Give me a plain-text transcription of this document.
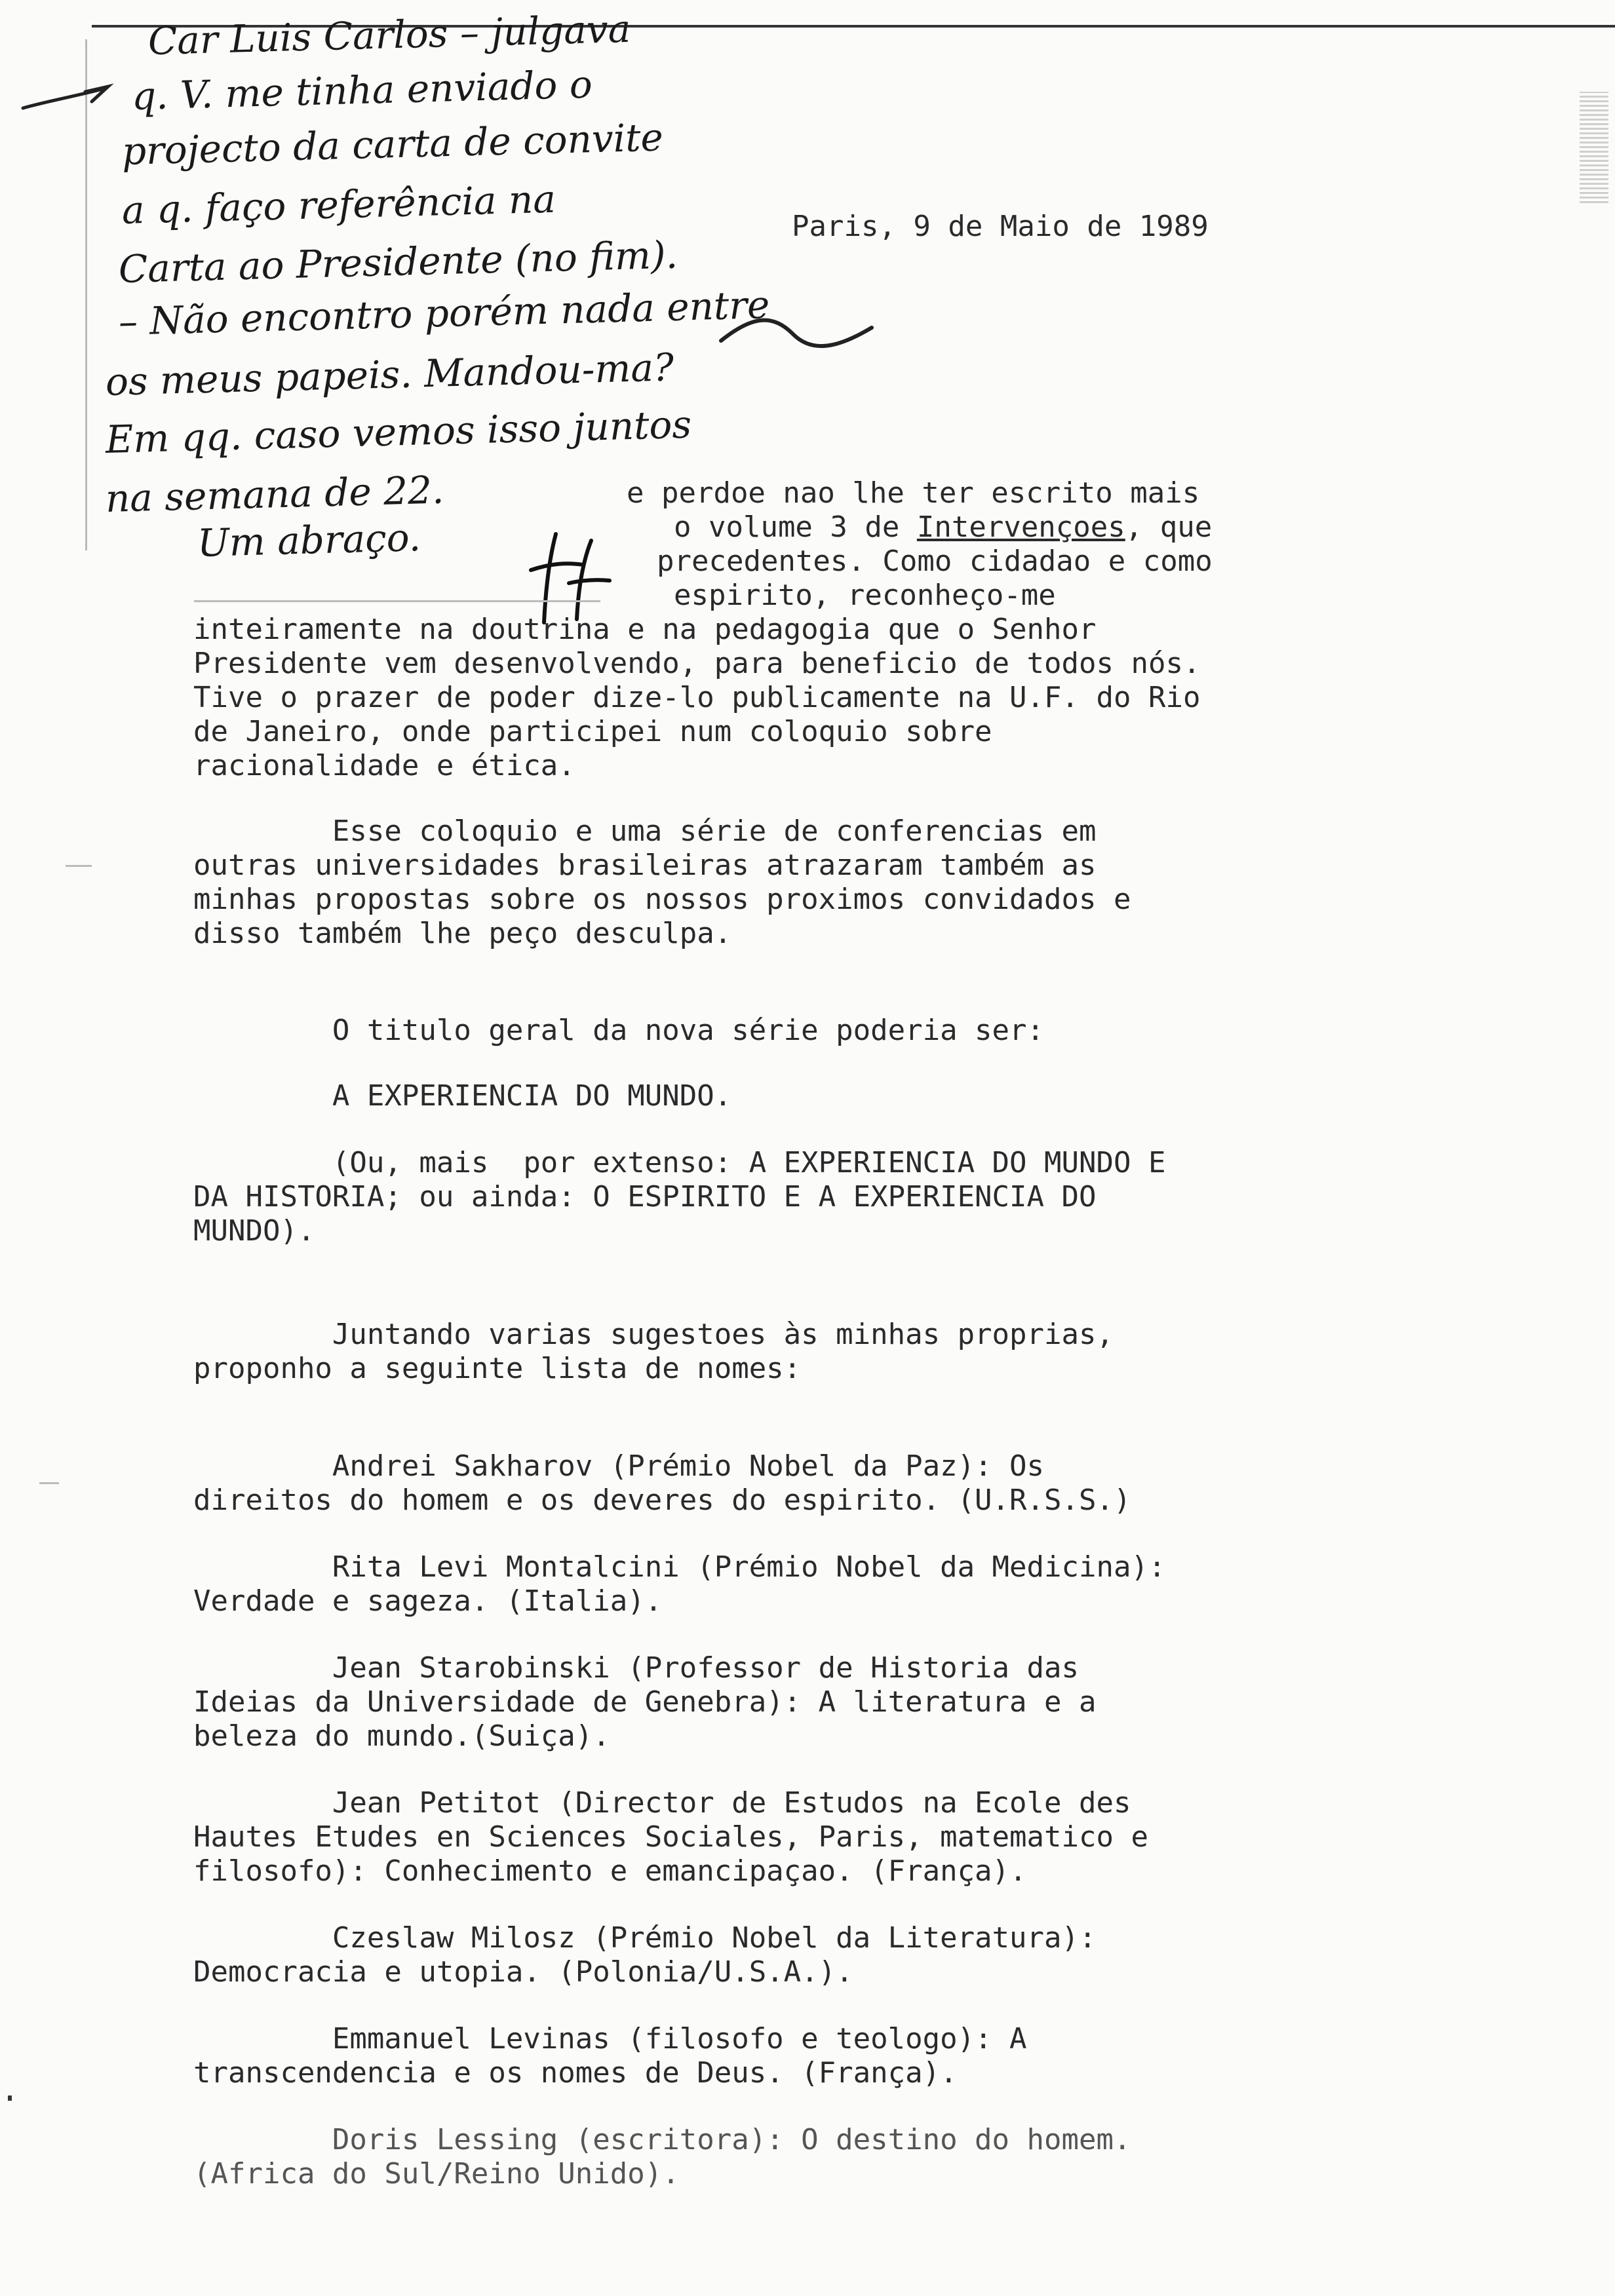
Car Luis Carlos – julgava
q. V. me tinha enviado o
projecto da carta de convite
a q. faço referência na
Carta ao Presidente (no fim).
– Não encontro porém nada entre
os meus papeis. Mandou-ma?
Em qq. caso vemos isso juntos
na semana de 22.
Um abraço.
Paris, 9 de Maio de 1989
e perdoe nao lhe ter escrito mais
o volume 3 de Intervençoes, que
precedentes. Como cidadao e como
espirito, reconheço-me
inteiramente na doutrina e na pedagogia que o Senhor
Presidente vem desenvolvendo, para beneficio de todos nós.
Tive o prazer de poder dize-lo publicamente na U.F. do Rio
de Janeiro, onde participei num coloquio sobre
racionalidade e ética.
Esse coloquio e uma série de conferencias em
outras universidades brasileiras atrazaram também as
minhas propostas sobre os nossos proximos convidados e
disso também lhe peço desculpa.
O titulo geral da nova série poderia ser:
A EXPERIENCIA DO MUNDO.
(Ou, mais  por extenso: A EXPERIENCIA DO MUNDO E
DA HISTORIA; ou ainda: O ESPIRITO E A EXPERIENCIA DO
MUNDO).
Juntando varias sugestoes às minhas proprias,
proponho a seguinte lista de nomes:
Andrei Sakharov (Prémio Nobel da Paz): Os
direitos do homem e os deveres do espirito. (U.R.S.S.)
Rita Levi Montalcini (Prémio Nobel da Medicina):
Verdade e sageza. (Italia).
Jean Starobinski (Professor de Historia das
Ideias da Universidade de Genebra): A literatura e a
beleza do mundo.(Suiça).
Jean Petitot (Director de Estudos na Ecole des
Hautes Etudes en Sciences Sociales, Paris, matematico e
filosofo): Conhecimento e emancipaçao. (França).
Czeslaw Milosz (Prémio Nobel da Literatura):
Democracia e utopia. (Polonia/U.S.A.).
Emmanuel Levinas (filosofo e teologo): A
transcendencia e os nomes de Deus. (França).
Doris Lessing (escritora): O destino do homem.
(Africa do Sul/Reino Unido).
